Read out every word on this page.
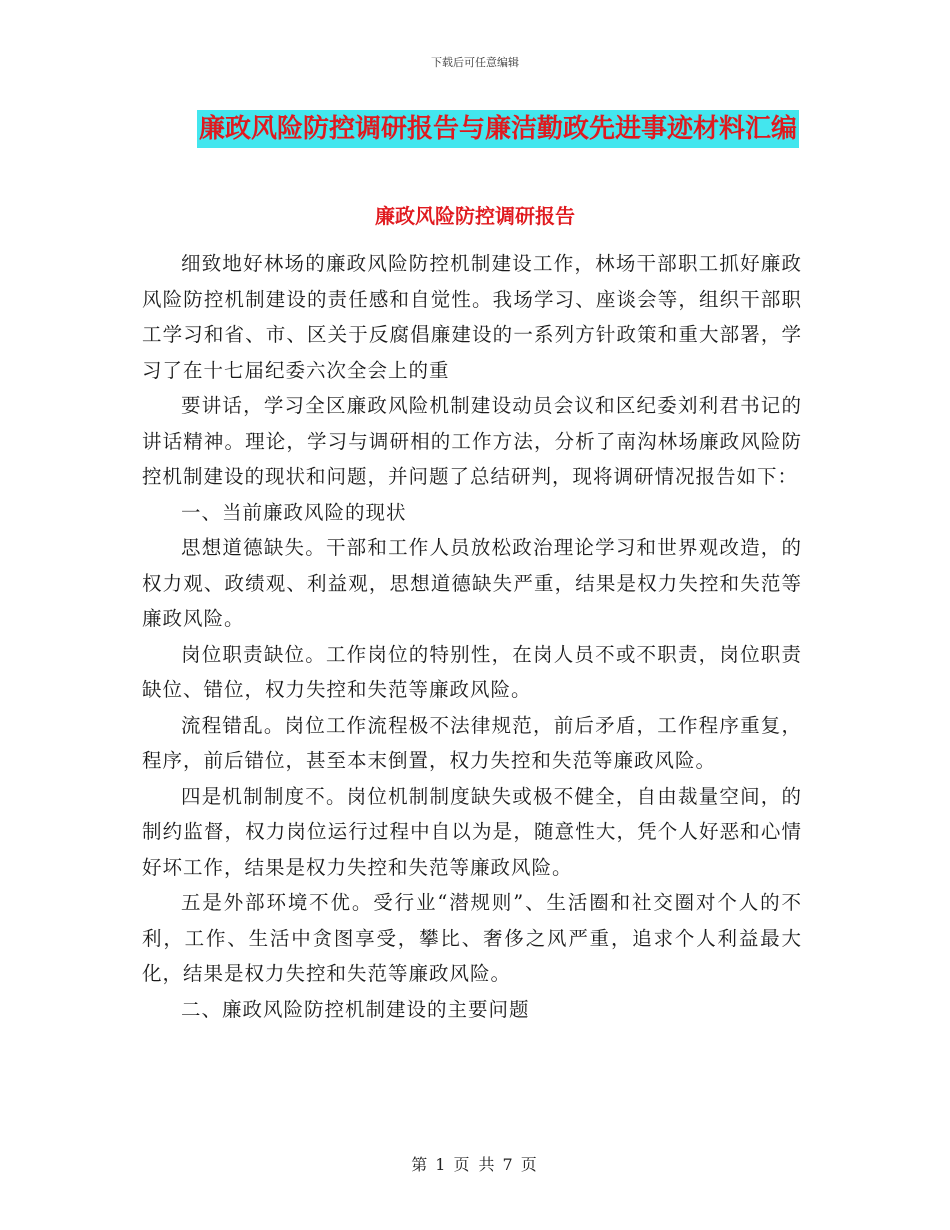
下载后可任意编辑
廉政风险防控调研报告与廉洁勤政先进事迹材料汇编
廉政风险防控调研报告

细致地好林场的廉政风险防控机制建设工作，林场干部职工抓好廉政风险防控机制建设的责任感和自觉性。我场学习、座谈会等，组织干部职工学习和省、市、区关于反腐倡廉建设的一系列方针政策和重大部署，学习了在十七届纪委六次全会上的重

要讲话，学习全区廉政风险机制建设动员会议和区纪委刘利君书记的讲话精神。理论，学习与调研相的工作方法，分析了南沟林场廉政风险防控机制建设的现状和问题，并问题了总结研判，现将调研情况报告如下：

一、当前廉政风险的现状

思想道德缺失。干部和工作人员放松政治理论学习和世界观改造，的权力观、政绩观、利益观，思想道德缺失严重，结果是权力失控和失范等廉政风险。

岗位职责缺位。工作岗位的特别性，在岗人员不或不职责，岗位职责缺位、错位，权力失控和失范等廉政风险。

流程错乱。岗位工作流程极不法律规范，前后矛盾，工作程序重复，程序，前后错位，甚至本末倒置，权力失控和失范等廉政风险。

四是机制制度不。岗位机制制度缺失或极不健全，自由裁量空间，的制约监督，权力岗位运行过程中自以为是，随意性大，凭个人好恶和心情好坏工作，结果是权力失控和失范等廉政风险。

五是外部环境不优。受行业“潜规则”、生活圈和社交圈对个人的不利，工作、生活中贪图享受，攀比、奢侈之风严重，追求个人利益最大化，结果是权力失控和失范等廉政风险。

二、廉政风险防控机制建设的主要问题

第 1 页 共 7 页
